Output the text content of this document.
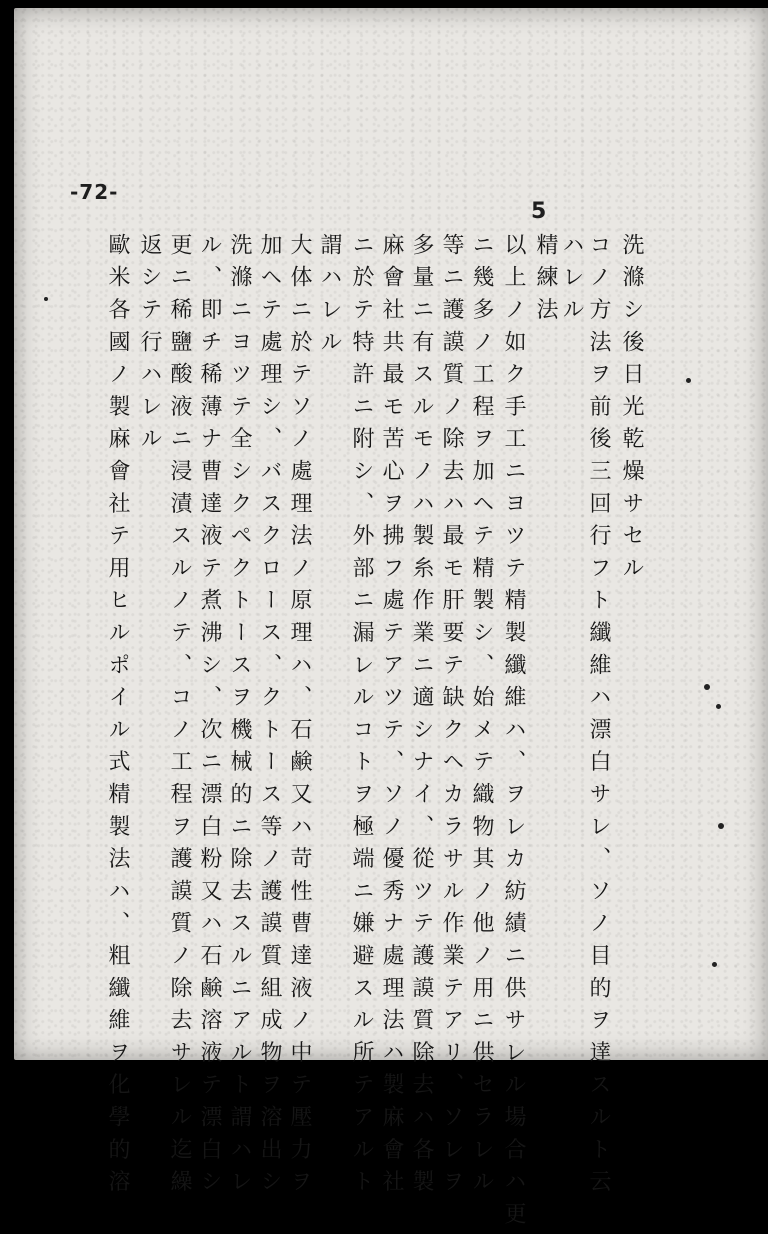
-72-
5
洗滌シ後日光乾燥サセル
コノ方法ヲ前後三回行フト纖維ハ漂白サレ、ソノ目的ヲ達スルト云
ハレル
精練法
以上ノ如ク手工ニヨツテ精製纖維ハ、ヲレカ紡績ニ供サレル場合ハ更
ニ幾多ノ工程ヲ加ヘテ精製シ、始メテ織物其ノ他ノ用ニ供セラレル
等ニ護謨質ノ除去ハ最モ肝要テ缺クヘカラサル作業テアリ、ソレヲ
多量ニ有スルモノハ製糸作業ニ適シナイ、從ツテ護謨質除去ハ各製
麻會社共最モ苦心ヲ拂フ處テアツテ、ソノ優秀ナ處理法ハ製麻會社
ニ於テ特許ニ附シ、外部ニ漏レルコトヲ極端ニ嫌避スル所テアルト
謂ハレル
大体ニ於テソノ處理法ノ原理ハ、石鹸又ハ苛性曹達液ノ中テ壓力ヲ
加ヘテ處理シ、バスクロース、クトース等ノ護謨質組成物ヲ溶出シ
洗滌ニヨツテ全シクペクトースヲ機械的ニ除去スルニアルト謂ハレ
ル、即チ稀薄ナ曹達液テ煮沸シ、次ニ漂白粉又ハ石鹸溶液テ漂白シ
更ニ稀鹽酸液ニ浸漬スルノテ、コノ工程ヲ護謨質ノ除去サレル迄繰
返シテ行ハレル
歐米各國ノ製麻會社テ用ヒルポイル式精製法ハ、粗纖維ヲ化學的溶
